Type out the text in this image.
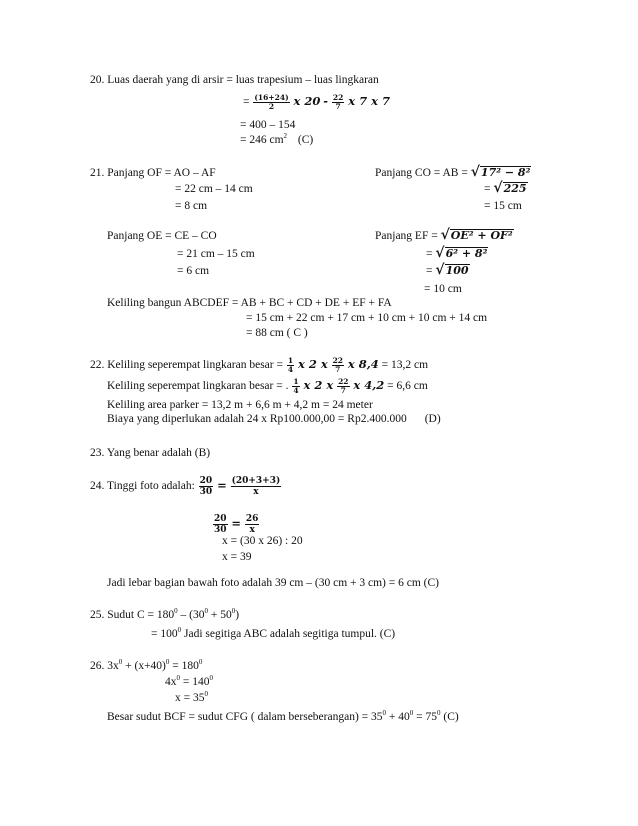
20. Luas daerah yang di arsir = luas trapesium – luas lingkaran
= $\frac{(16+24)}{2}$ x $20 - \frac{22}{7}$ x 7 x 7
= 400 – 154
= 246 $cm^2$ (C)
21. Panjang OF = AO – AF
= 22 cm – 14 cm
= 8 cm
Panjang CO = AB = √ 17² − 8²
= √ 225
= 15 cm
Panjang OE = CE – CO
= 21 cm – 15 cm
= 6 cm
Panjang EF = √ OE² + OF²
= √ 6² + 8²
= √ 100
= 10 cm
Keliling bangun ABCDEF = AB + BC + CD + DE + EF + FA
= 15 cm + 22 cm + 17 cm + 10 cm + 10 cm + 14 cm
= 88 cm ( C )
22. Keliling seperempat lingkaran besar = $\frac{1}{4}$ x 2 x $\frac{22}{7}$ x 8,4 = 13,2 cm
Keliling seperempat lingkaran besar = . $\frac{1}{4}$ x 2 x $\frac{22}{7}$ x 4,2 = 6,6 cm
Keliling area parker = 13,2 m + 6,6 m + 4,2 m = 24 meter
Biaya yang diperlukan adalah 24 x Rp100.000,00 = Rp2.400.000 (D)
23. Yang benar adalah (B)
24. Tinggi foto adalah: $\frac{20}{30} = \frac{(20+3+3)}{x}$
$\frac{20}{30} = \frac{26}{x}$
x = (30 x 26) : 20
x = 39
Jadi lebar bagian bawah foto adalah 39 cm – (30 cm + 3 cm) = 6 cm (C)
25. Sudut $C = 180^0 - (30^0 + 50^0)$
= $100^0$ Jadi segitiga ABC adalah segitiga tumpul. (C)
26. $3x^0 + (x+40)^0 = 180^0$
$4x^0 = 140^0$
$x = 35^0$
Besar sudut BCF = sudut CFG ( dalam berseberangan) = $35^0 + 40^0 = 75^0$ (C)
